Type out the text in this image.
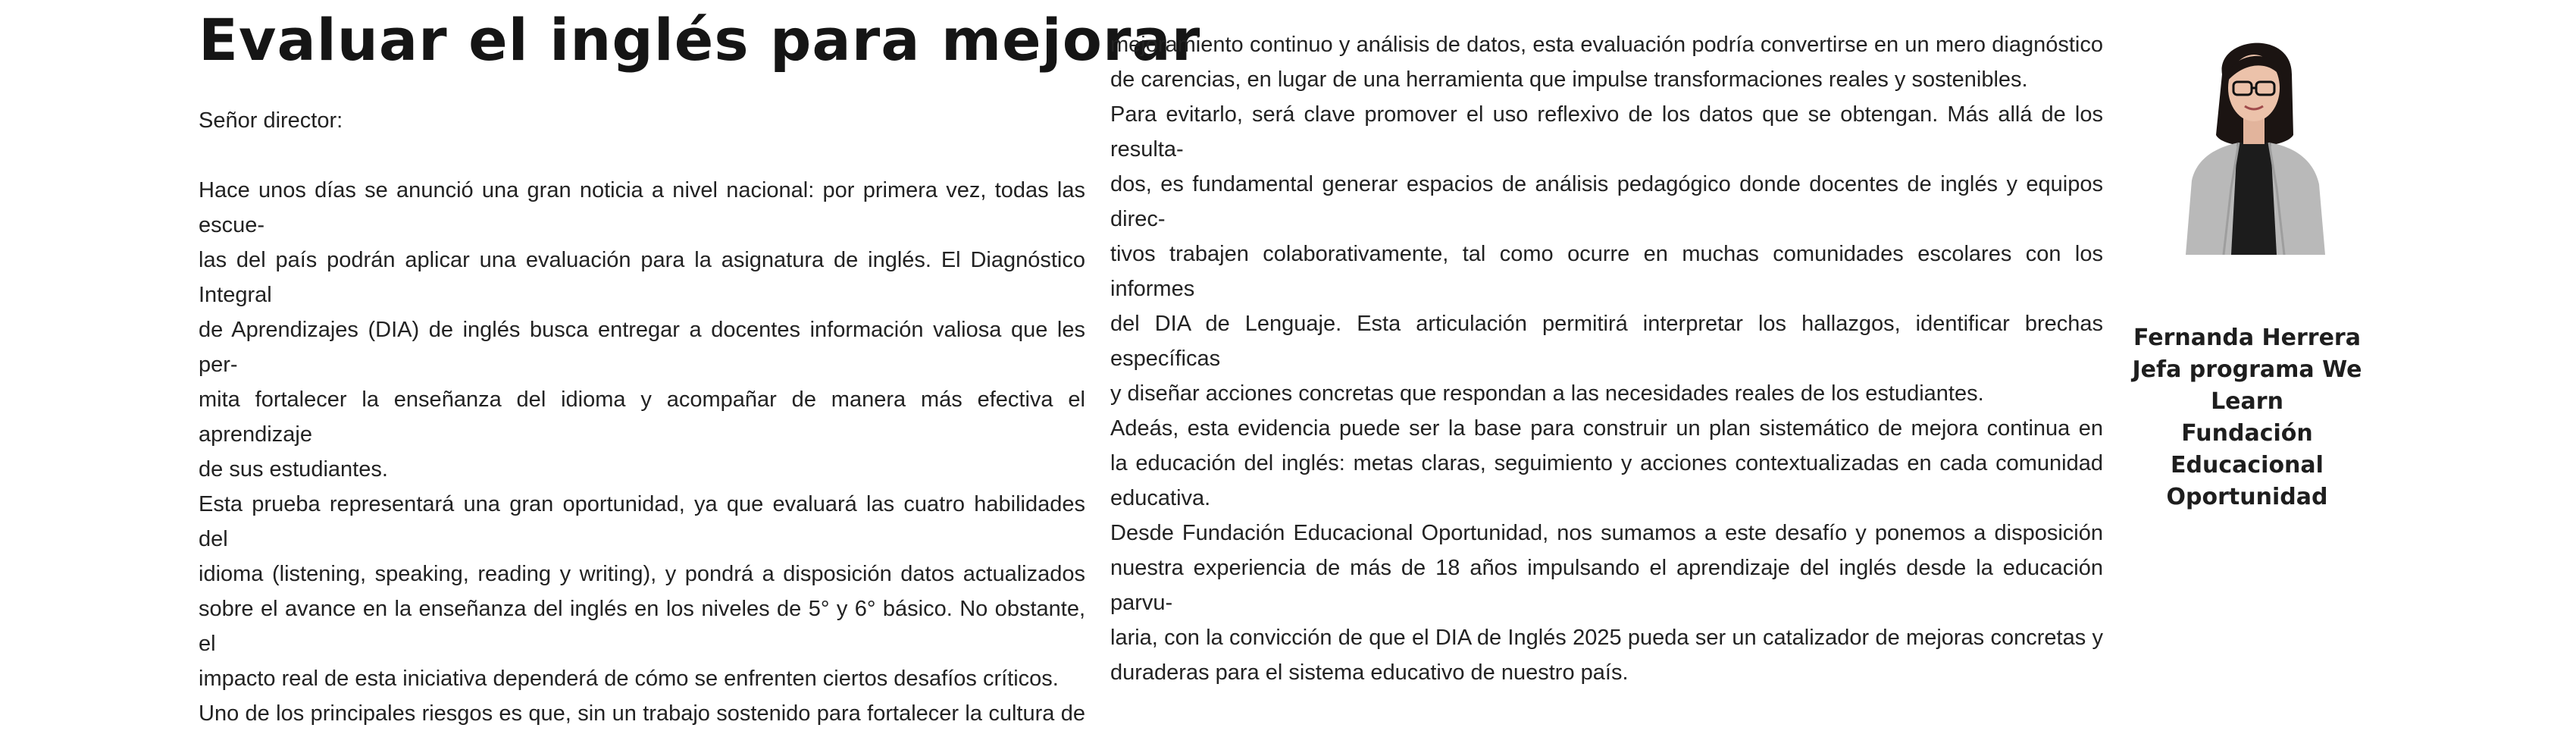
Evaluar el inglés para mejorar

Señor director:

Hace unos días se anunció una gran noticia a nivel nacional: por primera vez, todas las escue-
las del país podrán aplicar una evaluación para la asignatura de inglés. El Diagnóstico Integral
de Aprendizajes (DIA) de inglés busca entregar a docentes información valiosa que les per-
mita fortalecer la enseñanza del idioma y acompañar de manera más efectiva el aprendizaje
de sus estudiantes.
Esta prueba representará una gran oportunidad, ya que evaluará las cuatro habilidades del
idioma (listening, speaking, reading y writing), y pondrá a disposición datos actualizados
sobre el avance en la enseñanza del inglés en los niveles de 5° y 6° básico. No obstante, el
impacto real de esta iniciativa dependerá de cómo se enfrenten ciertos desafíos críticos.
Uno de los principales riesgos es que, sin un trabajo sostenido para fortalecer la cultura de
mejoramiento continuo y análisis de datos, esta evaluación podría convertirse en un mero diagnóstico
de carencias, en lugar de una herramienta que impulse transformaciones reales y sostenibles.
Para evitarlo, será clave promover el uso reflexivo de los datos que se obtengan. Más allá de los resulta-
dos, es fundamental generar espacios de análisis pedagógico donde docentes de inglés y equipos direc-
tivos trabajen colaborativamente, tal como ocurre en muchas comunidades escolares con los informes
del DIA de Lenguaje. Esta articulación permitirá interpretar los hallazgos, identificar brechas específicas
y diseñar acciones concretas que respondan a las necesidades reales de los estudiantes.
Adeás, esta evidencia puede ser la base para construir un plan sistemático de mejora continua en
la educación del inglés: metas claras, seguimiento y acciones contextualizadas en cada comunidad
educativa.
Desde Fundación Educacional Oportunidad, nos sumamos a este desafío y ponemos a disposición
nuestra experiencia de más de 18 años impulsando el aprendizaje del inglés desde la educación parvu-
laria, con la convicción de que el DIA de Inglés 2025 pueda ser un catalizador de mejoras concretas y
duraderas para el sistema educativo de nuestro país.
Fernanda Herrera
Jefa programa We
Learn
Fundación
Educacional
Oportunidad
